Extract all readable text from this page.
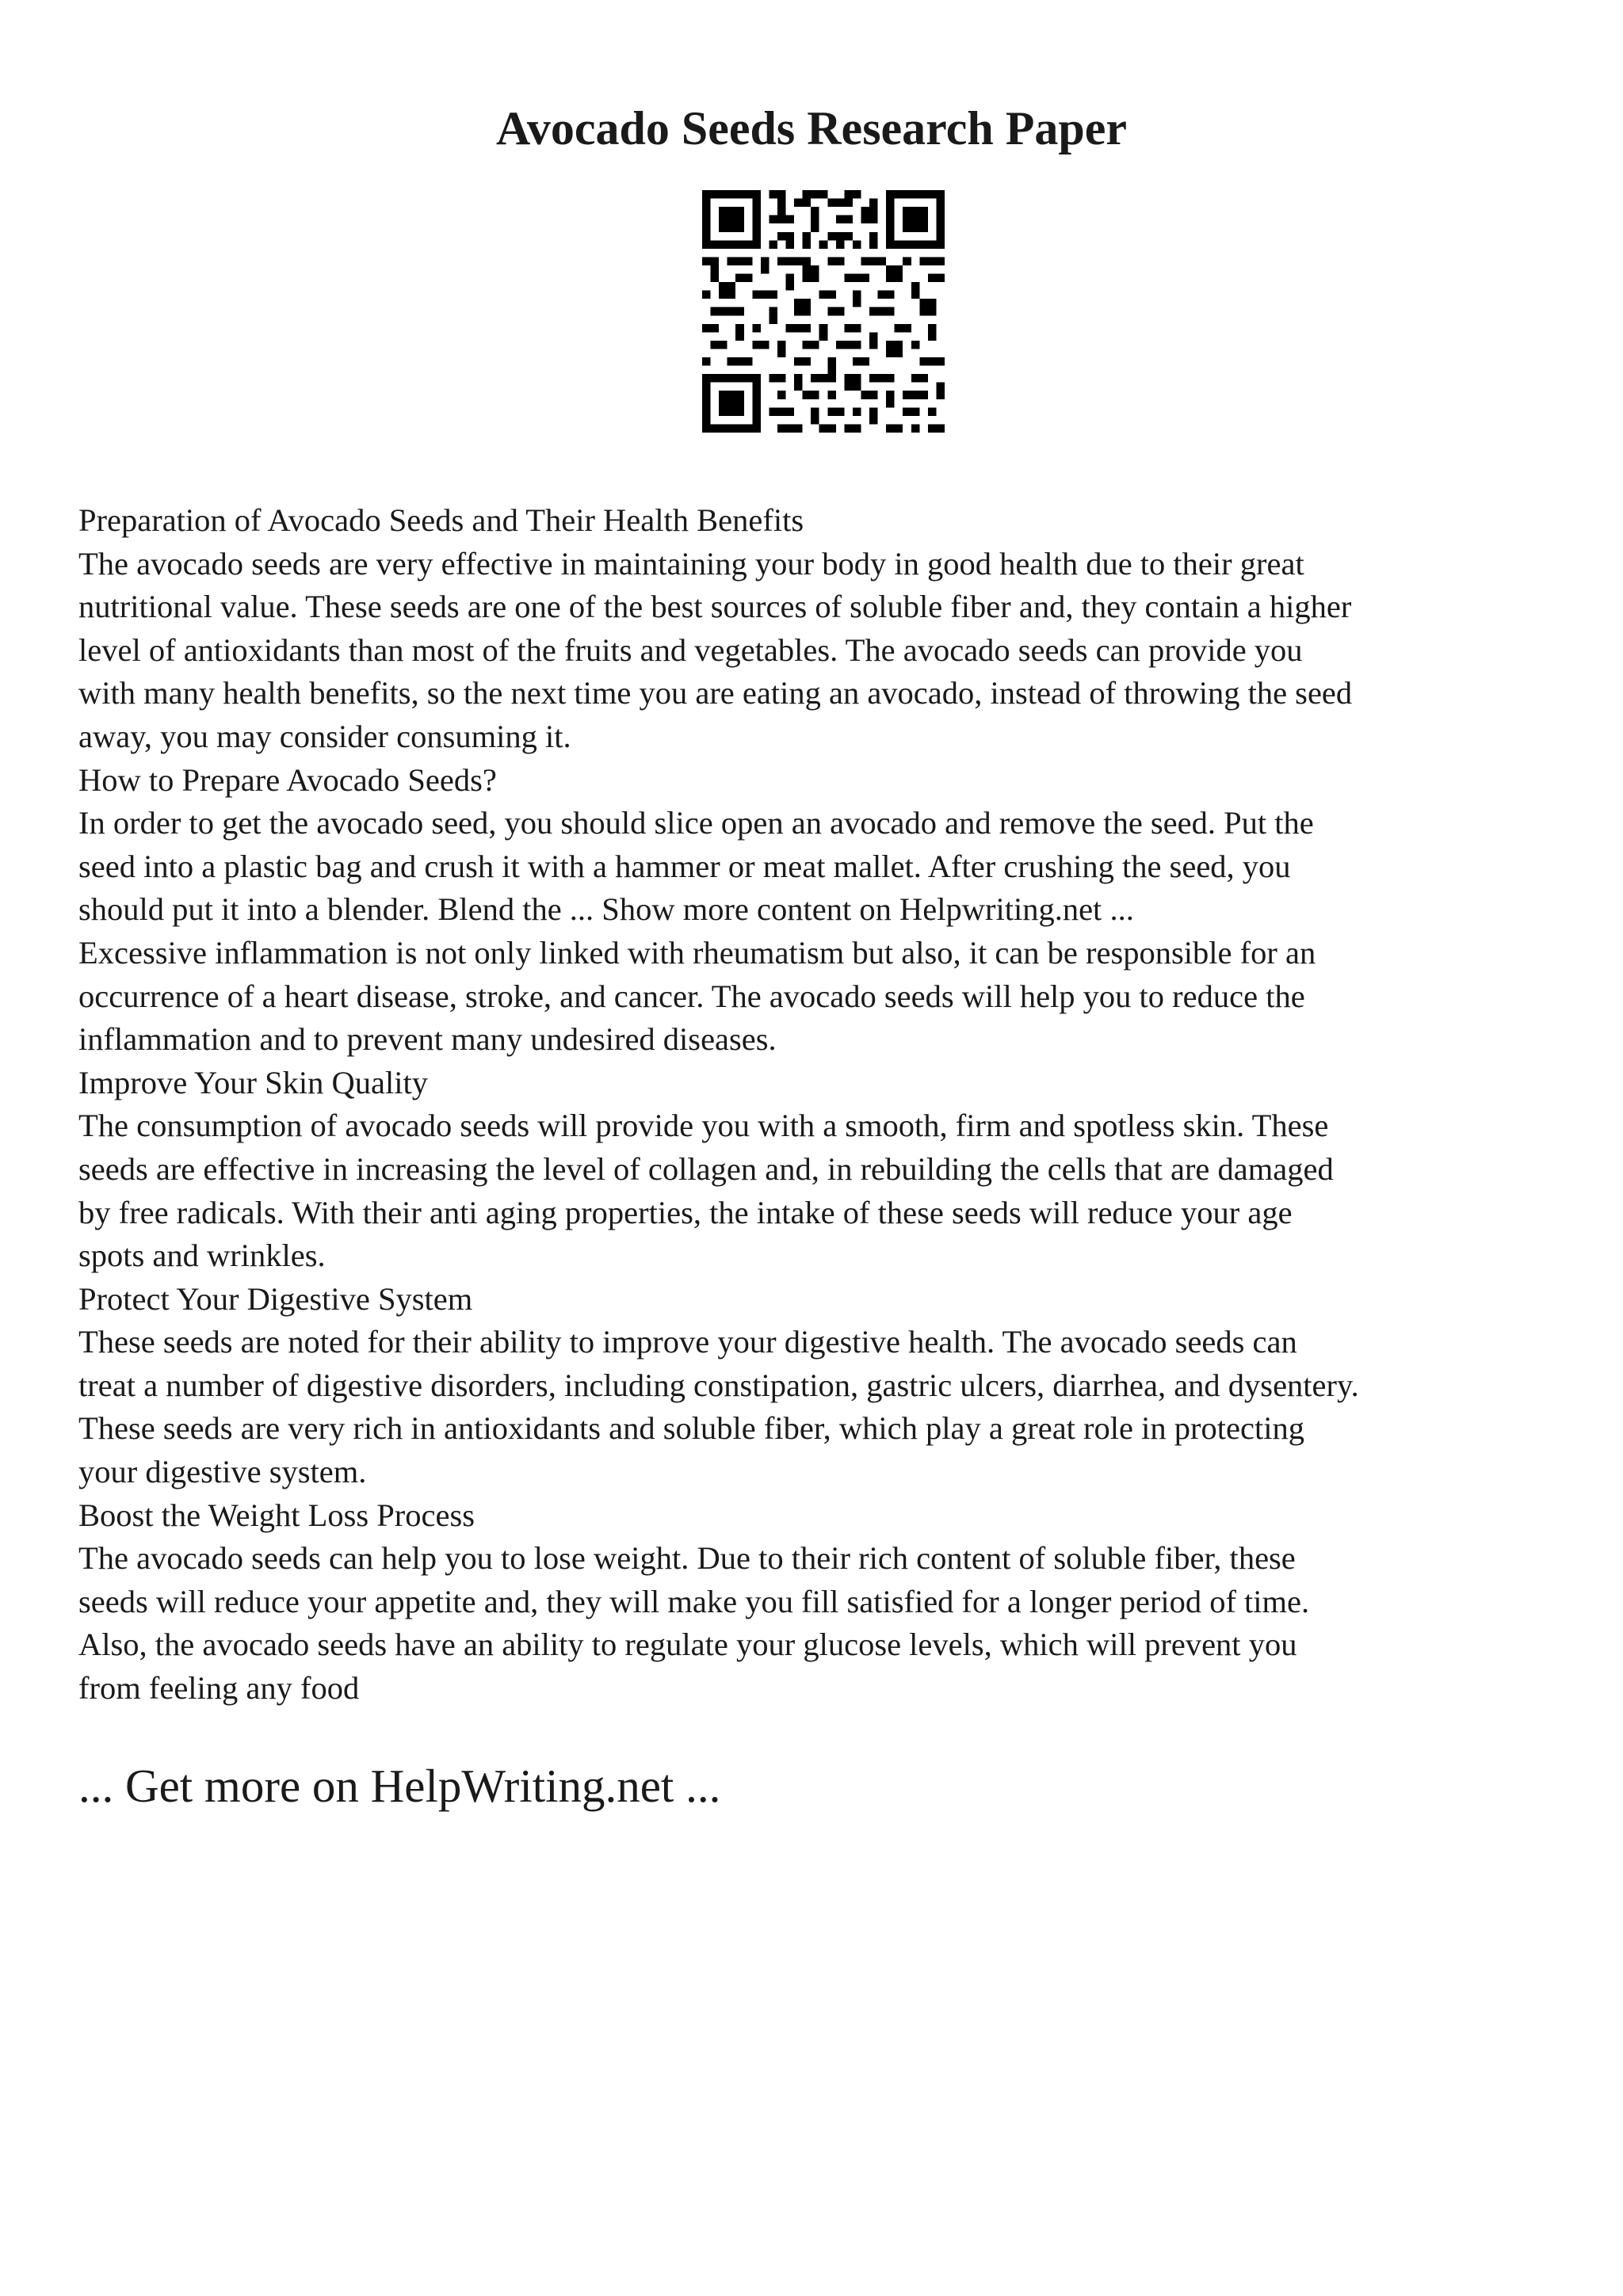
Avocado Seeds Research Paper

Preparation of Avocado Seeds and Their Health Benefits

The avocado seeds are very effective in maintaining your body in good health due to their great

nutritional value. These seeds are one of the best sources of soluble fiber and, they contain a higher

level of antioxidants than most of the fruits and vegetables. The avocado seeds can provide you

with many health benefits, so the next time you are eating an avocado, instead of throwing the seed

away, you may consider consuming it.

How to Prepare Avocado Seeds?

In order to get the avocado seed, you should slice open an avocado and remove the seed. Put the

seed into a plastic bag and crush it with a hammer or meat mallet. After crushing the seed, you

should put it into a blender. Blend the ... Show more content on Helpwriting.net ...

Excessive inflammation is not only linked with rheumatism but also, it can be responsible for an

occurrence of a heart disease, stroke, and cancer. The avocado seeds will help you to reduce the

inflammation and to prevent many undesired diseases.

Improve Your Skin Quality

The consumption of avocado seeds will provide you with a smooth, firm and spotless skin. These

seeds are effective in increasing the level of collagen and, in rebuilding the cells that are damaged

by free radicals. With their anti aging properties, the intake of these seeds will reduce your age

spots and wrinkles.

Protect Your Digestive System

These seeds are noted for their ability to improve your digestive health. The avocado seeds can

treat a number of digestive disorders, including constipation, gastric ulcers, diarrhea, and dysentery.

These seeds are very rich in antioxidants and soluble fiber, which play a great role in protecting

your digestive system.

Boost the Weight Loss Process

The avocado seeds can help you to lose weight. Due to their rich content of soluble fiber, these

seeds will reduce your appetite and, they will make you fill satisfied for a longer period of time.

Also, the avocado seeds have an ability to regulate your glucose levels, which will prevent you

from feeling any food

... Get more on HelpWriting.net ...
